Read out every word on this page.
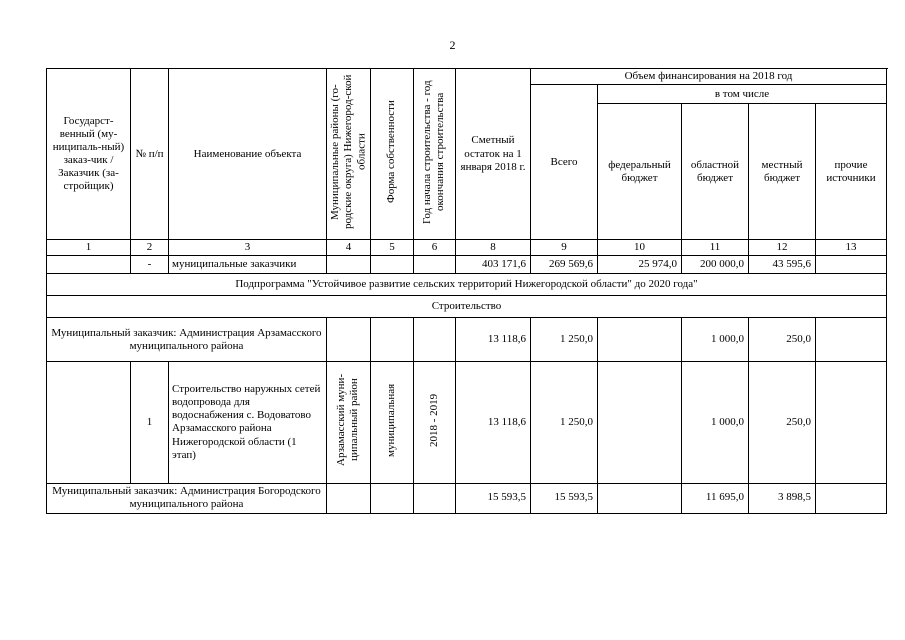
2
Государст-венный (му-ниципаль-ный) заказ-чик / Заказчик (за-стройщик)	№ п/п	Наименование объекта	Муниципальные районы (го-родские округа) Нижегород-ской области	Форма собственности	Год начала строительства - год окончания строительства	Сметный остаток на 1 января 2018 г.	Объем финансирования на 2018 год				
							Всего	в том числе			
								федеральный бюджет	областной бюджет	местный бюджет	прочие источники
1	2	3	4	5	6	8	9	10	11	12	13
	-	муниципальные заказчики				403 171,6	269 569,6	25 974,0	200 000,0	43 595,6	
Подпрограмма "Устойчивое развитие сельских территорий Нижегородской области" до 2020 года"											
Строительство											
Муниципальный заказчик: Администрация Арзамасского муниципального района						13 118,6	1 250,0		1 000,0	250,0	
	1	Строительство наружных сетей водопровода для водоснабжения с. Водоватово Арзамасского района Нижегородской области (1 этап)	Арзамасский муни-ципальный район	муниципальная	2018 - 2019	13 118,6	1 250,0		1 000,0	250,0	
Муниципальный заказчик: Администрация Богородского муниципального района						15 593,5	15 593,5		11 695,0	3 898,5	
